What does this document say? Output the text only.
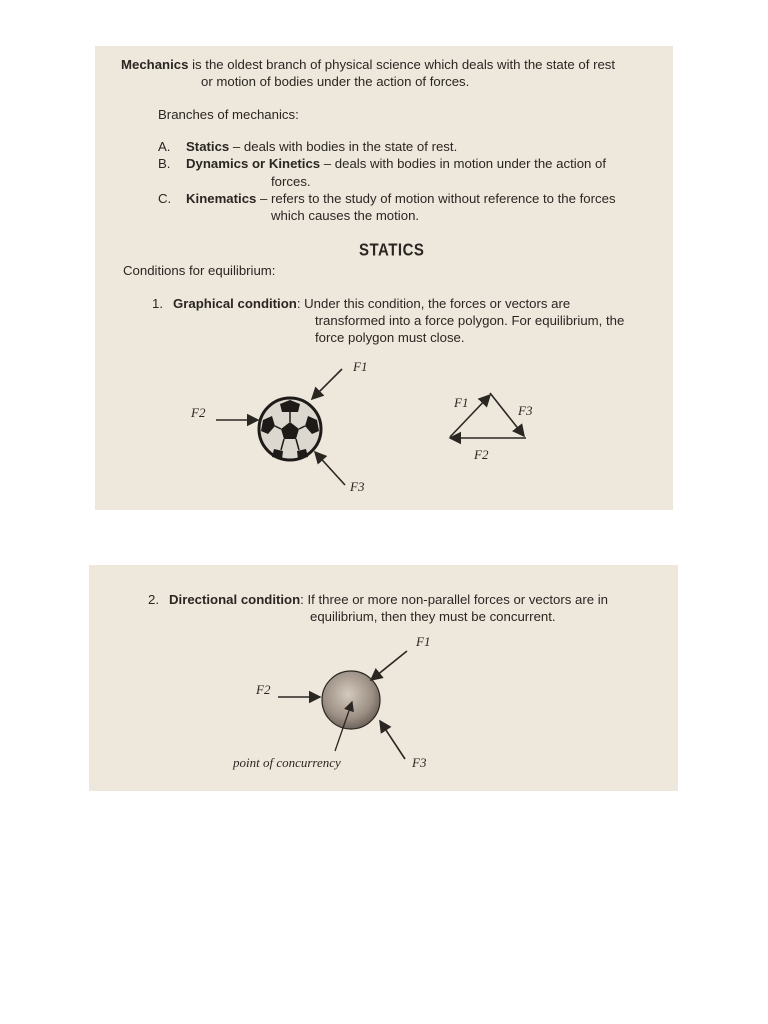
Mechanics is the oldest branch of physical science which deals with the state of rest
or motion of bodies under the action of forces.
Branches of mechanics:
A. Statics – deals with bodies in the state of rest.
B. Dynamics or Kinetics – deals with bodies in motion under the action of
forces.
C. Kinematics – refers to the study of motion without reference to the forces
which causes the motion.
STATICS
Conditions for equilibrium:
1. Graphical condition: Under this condition, the forces or vectors are
transformed into a force polygon. For equilibrium, the
force polygon must close.
F1
F2
F3
F1
F3
F2
2. Directional condition: If three or more non-parallel forces or vectors are in
equilibrium, then they must be concurrent.
F1
F2
F3
point of concurrency
